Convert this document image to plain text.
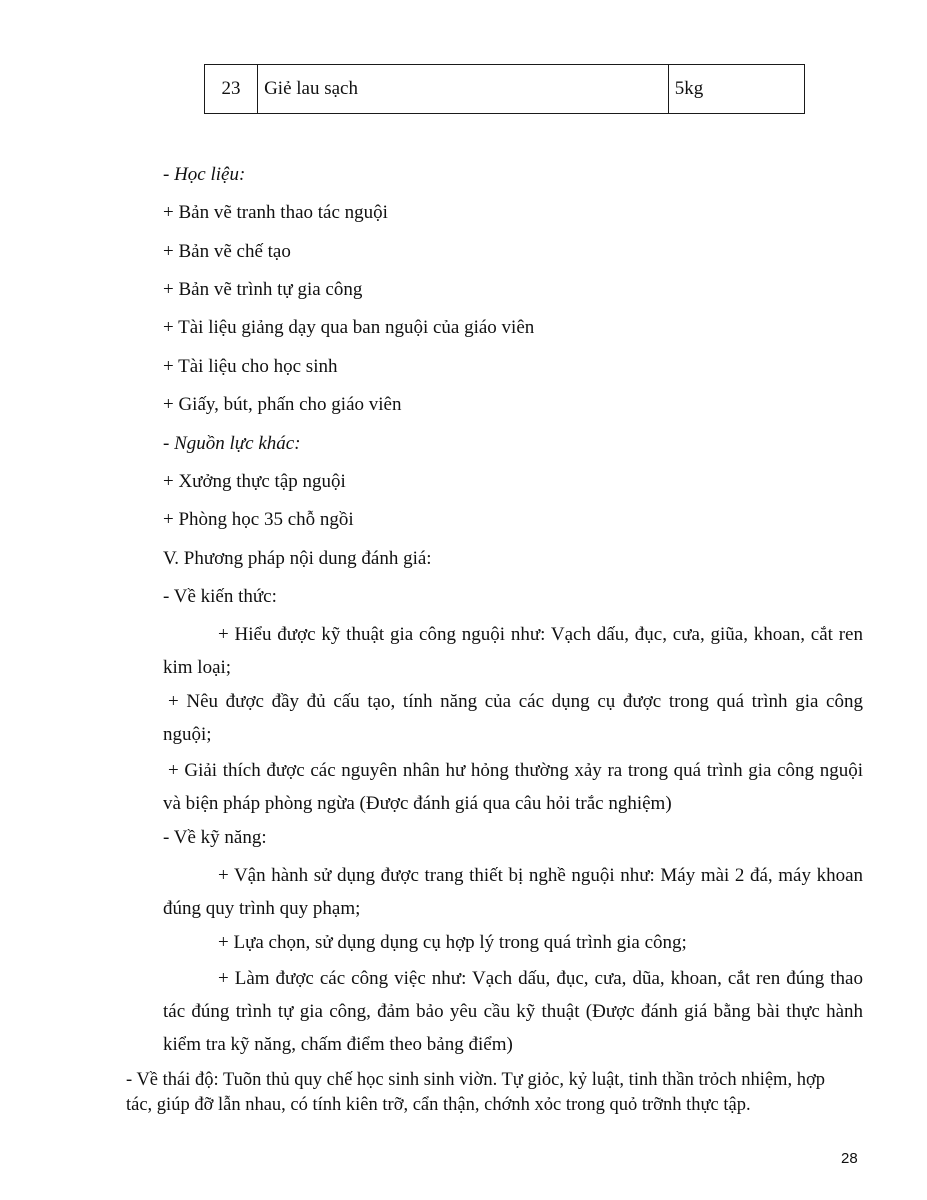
23	Giẻ lau sạch	5kg
- Học liệu:
+ Bản vẽ tranh thao tác nguội
+ Bản vẽ chế tạo
+ Bản vẽ trình tự gia công
+ Tài liệu giảng dạy qua ban nguội của giáo viên
+ Tài liệu cho học sinh
+ Giấy, bút, phấn cho giáo viên
- Nguồn lực khác:
+ Xưởng thực tập nguội
+ Phòng học 35 chỗ ngồi
V. Phương pháp nội dung đánh giá:
- Về kiến thức:
+ Hiểu được kỹ thuật gia công nguội như: Vạch dấu, đục, cưa, giũa, khoan, cắt ren kim loại;
+ Nêu được đầy đủ cấu tạo, tính năng của các dụng cụ được trong quá trình gia công nguội;
+ Giải thích được các nguyên nhân hư hỏng thường xảy ra trong quá trình gia công nguội và biện pháp phòng ngừa (Được đánh giá qua câu hỏi trắc nghiệm)
- Về kỹ năng:
+ Vận hành sử dụng được trang thiết bị nghề nguội như: Máy mài 2 đá, máy khoan đúng quy trình quy phạm;
+ Lựa chọn, sử dụng dụng cụ hợp lý trong quá trình gia công;
+ Làm được các công việc như: Vạch dấu, đục, cưa, dũa, khoan, cắt ren đúng thao tác đúng trình tự gia công, đảm bảo yêu cầu kỹ thuật (Được đánh giá bằng bài thực hành kiểm tra kỹ năng, chấm điểm theo bảng điểm)
- Về thái độ: Tuõn thủ quy chế học sinh sinh viờn. Tự giỏc, kỷ luật, tinh thần trỏch nhiệm, hợp tác, giúp đỡ lẫn nhau, có tính kiên trỡ, cẩn thận, chớnh xỏc trong quỏ trỡnh thực tập.
28
